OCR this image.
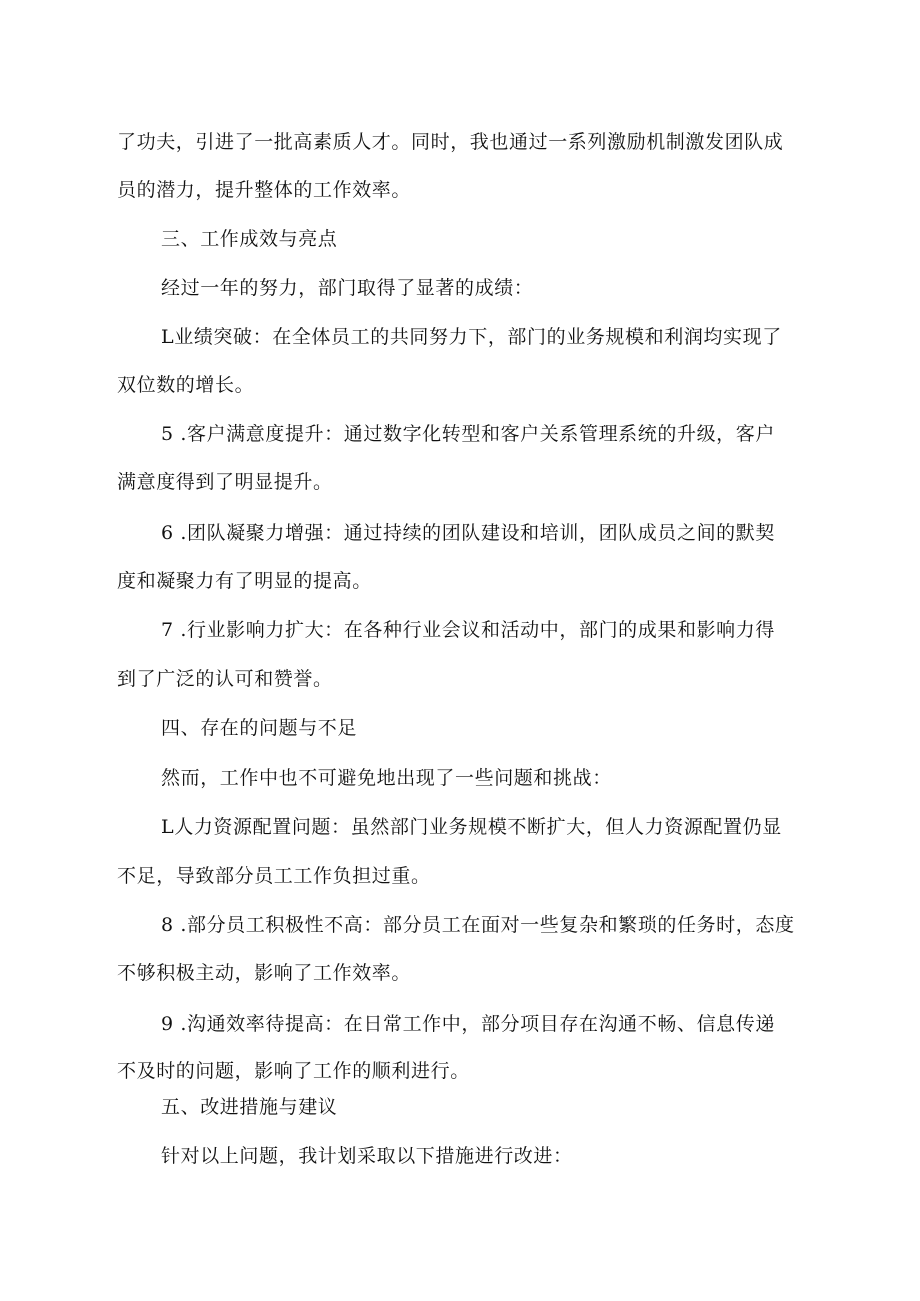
了功夫，引进了一批高素质人才。同时，我也通过一系列激励机制激发团队成
员的潜力，提升整体的工作效率。
三、工作成效与亮点
经过一年的努力，部门取得了显著的成绩：
L业绩突破：在全体员工的共同努力下，部门的业务规模和利润均实现了
双位数的增长。
5 .客户满意度提升：通过数字化转型和客户关系管理系统的升级，客户
满意度得到了明显提升。
6 .团队凝聚力增强：通过持续的团队建设和培训，团队成员之间的默契
度和凝聚力有了明显的提高。
7 .行业影响力扩大：在各种行业会议和活动中，部门的成果和影响力得
到了广泛的认可和赞誉。
四、存在的问题与不足
然而，工作中也不可避免地出现了一些问题和挑战：
L人力资源配置问题：虽然部门业务规模不断扩大，但人力资源配置仍显
不足，导致部分员工工作负担过重。
8 .部分员工积极性不高：部分员工在面对一些复杂和繁琐的任务时，态度
不够积极主动，影响了工作效率。
9 .沟通效率待提高：在日常工作中，部分项目存在沟通不畅、信息传递
不及时的问题，影响了工作的顺利进行。
五、改进措施与建议
针对以上问题，我计划采取以下措施进行改进：
